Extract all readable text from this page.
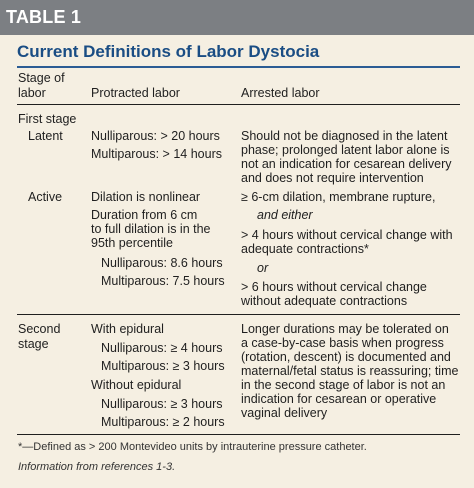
TABLE 1
Current Definitions of Labor Dystocia
Stage of
labor	Protracted labor	Arrested labor
First stage
Latent Nulliparous: > 20 hours
Multiparous: > 14 hours
Should not be diagnosed in the latent
phase; prolonged latent labor alone is
not an indication for cesarean delivery
and does not require intervention
Active Dilation is nonlinear
Duration from 6 cm
to full dilation is in the
95th percentile
Nulliparous: 8.6 hours
Multiparous: 7.5 hours
≥ 6-cm dilation, membrane rupture,
and either
> 4 hours without cervical change with
adequate contractions*
or
> 6 hours without cervical change
without adequate contractions
Second
stage
With epidural
Nulliparous: ≥ 4 hours
Multiparous: ≥ 3 hours
Without epidural
Nulliparous: ≥ 3 hours
Multiparous: ≥ 2 hours
Longer durations may be tolerated on
a case-by-case basis when progress
(rotation, descent) is documented and
maternal/fetal status is reassuring; time
in the second stage of labor is not an
indication for cesarean or operative
vaginal delivery
*—Defined as > 200 Montevideo units by intrauterine pressure catheter.
Information from references 1-3.
